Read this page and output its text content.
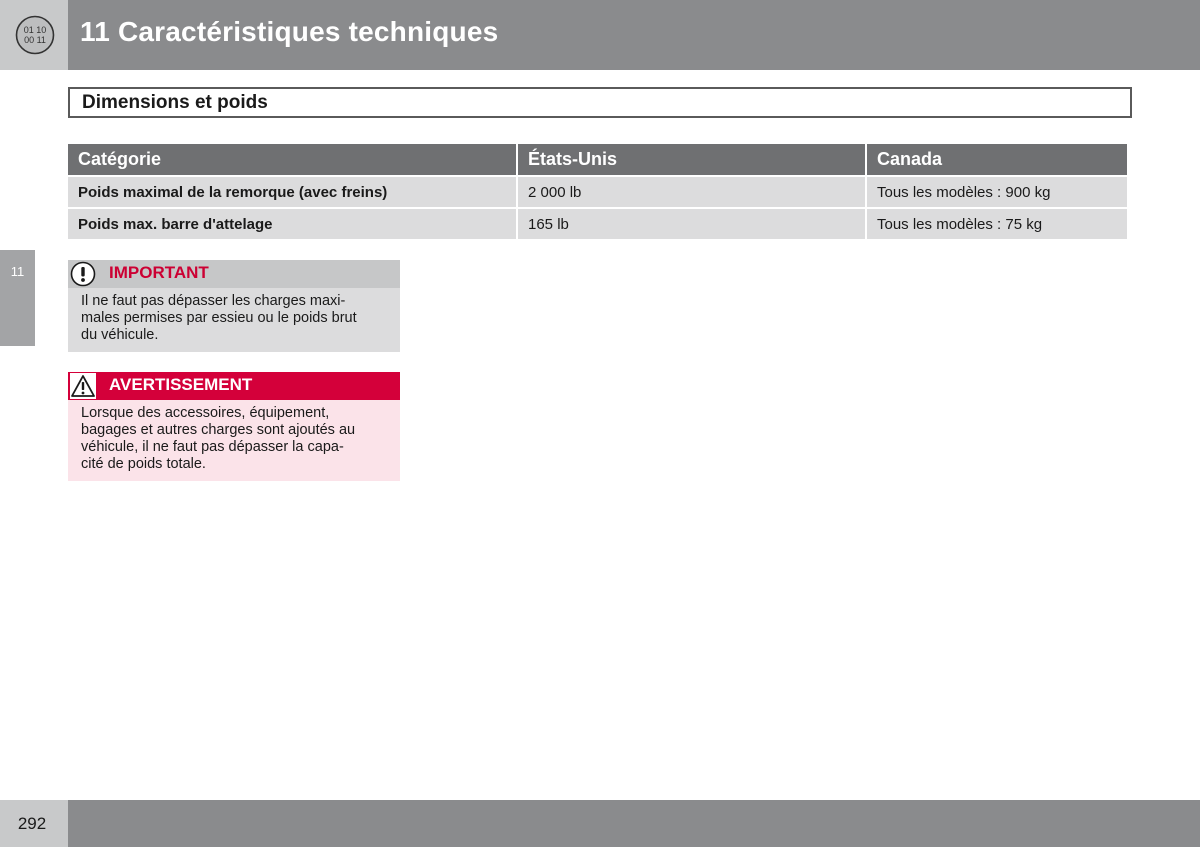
01 10
00 11 11 Caractéristiques techniques
11
Dimensions et poids
Catégorie	États-Unis	Canada
Poids maximal de la remorque (avec freins)	2 000 lb	Tous les modèles : 900 kg
Poids max. barre d'attelage	165 lb	Tous les modèles : 75 kg
IMPORTANT
Il ne faut pas dépasser les charges maxi-
males permises par essieu ou le poids brut
du véhicule.
AVERTISSEMENT
Lorsque des accessoires, équipement,
bagages et autres charges sont ajoutés au
véhicule, il ne faut pas dépasser la capa-
cité de poids totale.
292
